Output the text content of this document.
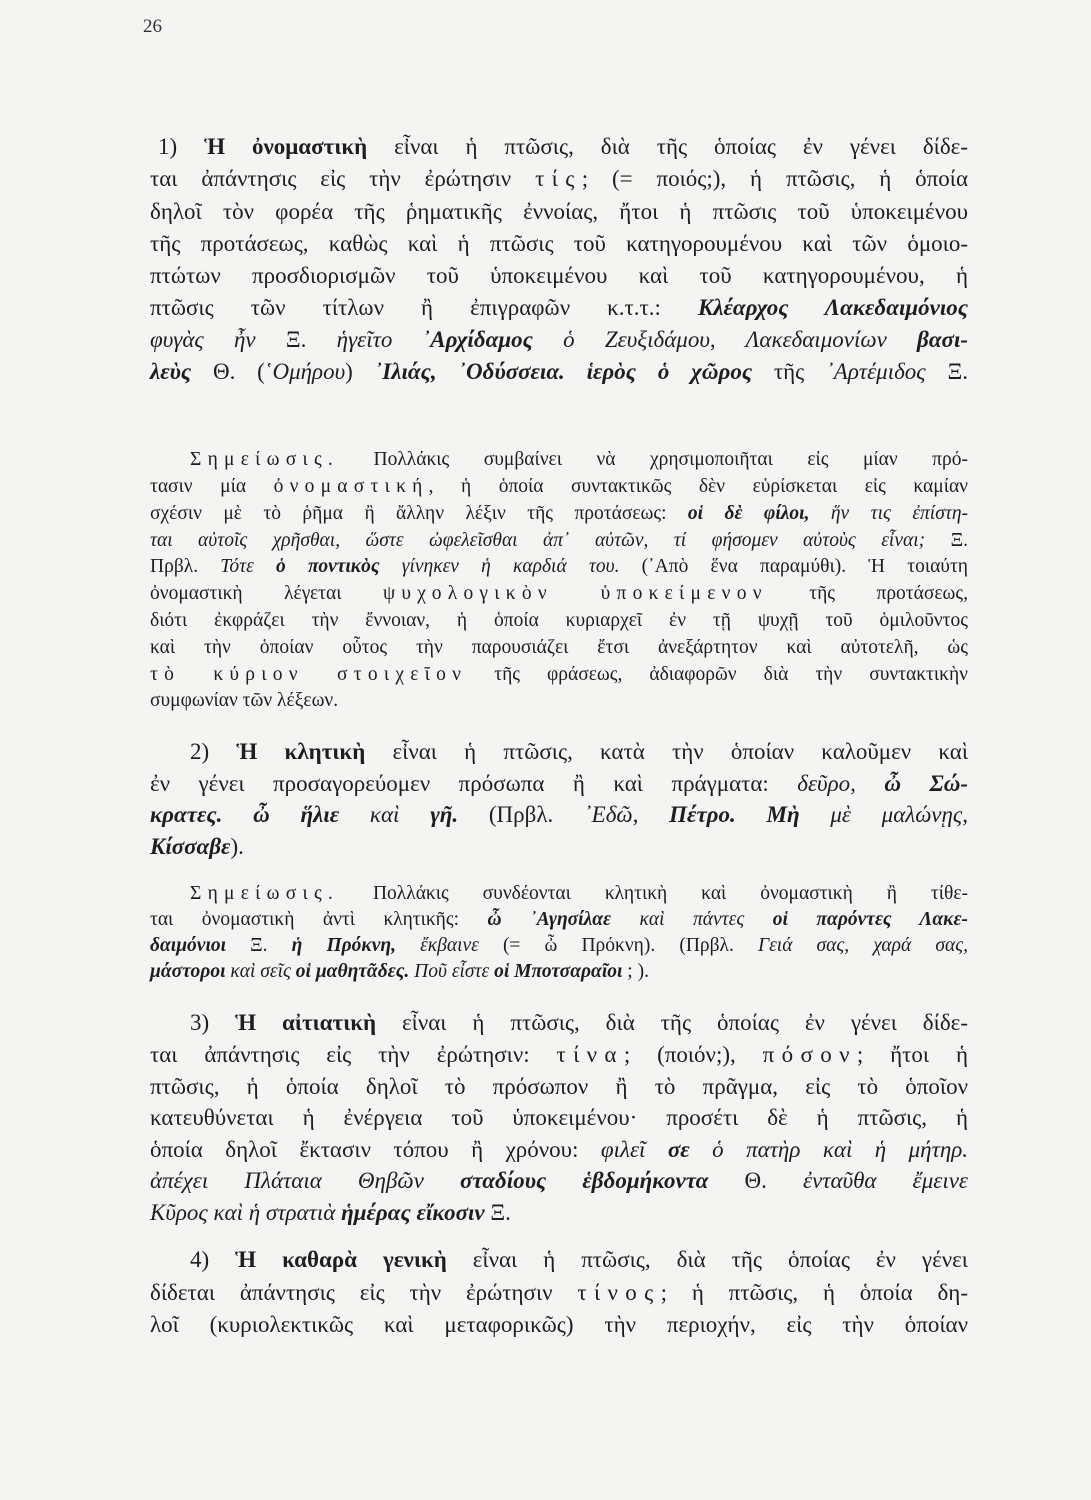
26
1) Ἡ ὀνομαστικὴ εἶναι ἡ πτῶσις, διὰ τῆς ὁποίας ἐν γένει δίδε-
ται ἀπάντησις εἰς τὴν ἐρώτησιν τίς; (= ποιός;), ἡ πτῶσις, ἡ ὁποία
δηλοῖ τὸν φορέα τῆς ῥηματικῆς ἐννοίας, ἤτοι ἡ πτῶσις τοῦ ὑποκειμένου
τῆς προτάσεως, καθὼς καὶ ἡ πτῶσις τοῦ κατηγορουμένου καὶ τῶν ὁμοιο-
πτώτων προσδιορισμῶν τοῦ ὑποκειμένου καὶ τοῦ κατηγορουμένου, ἡ
πτῶσις τῶν τίτλων ἢ ἐπιγραφῶν κ.τ.τ.: Κλέαρχος Λακεδαιμόνιος
φυγὰς ἦν Ξ. ἡγεῖτο ᾿Αρχίδαμος ὁ Ζευξιδάμου, Λακεδαιμονίων βασι-
λεὺς Θ. (῾Ομήρου) ᾿Ιλιάς, ᾿Οδύσσεια. ἱερὸς ὁ χῶρος τῆς ᾿Αρτέμιδος Ξ.
Σημείωσις. Πολλάκις συμβαίνει νὰ χρησιμοποιῆται εἰς μίαν πρό-
τασιν μία ὀνομαστική, ἡ ὁποία συντακτικῶς δὲν εὑρίσκεται εἰς καμίαν
σχέσιν μὲ τὸ ῥῆμα ἢ ἄλλην λέξιν τῆς προτάσεως: οἱ δὲ φίλοι, ἥν τις ἐπίστη-
ται αὐτοῖς χρῆσθαι, ὥστε ὠφελεῖσθαι ἀπ᾿ αὐτῶν, τί φήσομεν αὐτοὺς εἶναι; Ξ.
Πρβλ. Τότε ὁ ποντικὸς γίνηκεν ἡ καρδιά του. (᾿Απὸ ἕνα παραμύθι). Ἡ τοιαύτη
ὀνομαστικὴ λέγεται ψυχολογικὸν ὑποκείμενον τῆς προτάσεως,
διότι ἐκφράζει τὴν ἔννοιαν, ἡ ὁποία κυριαρχεῖ ἐν τῇ ψυχῇ τοῦ ὁμιλοῦντος
καὶ τὴν ὁποίαν οὗτος τὴν παρουσιάζει ἔτσι ἀνεξάρτητον καὶ αὐτοτελῆ, ὡς
τὸ κύριον στοιχεῖον τῆς φράσεως, ἀδιαφορῶν διὰ τὴν συντακτικὴν
συμφωνίαν τῶν λέξεων.
2) Ἡ κλητικὴ εἶναι ἡ πτῶσις, κατὰ τὴν ὁποίαν καλοῦμεν καὶ
ἐν γένει προσαγορεύομεν πρόσωπα ἢ καὶ πράγματα: δεῦρο, ὦ Σώ-
κρατες. ὦ ἥλιε καὶ γῆ. (Πρβλ. ᾿Εδῶ, Πέτρο. Μὴ μὲ μαλώνῃς,
Κίσσαβε).
Σημείωσις. Πολλάκις συνδέονται κλητικὴ καὶ ὀνομαστικὴ ἢ τίθε-
ται ὀνομαστικὴ ἀντὶ κλητικῆς: ὦ ᾿Αγησίλαε καὶ πάντες οἱ παρόντες Λακε-
δαιμόνιοι Ξ. ἡ Πρόκνη, ἔκβαινε (= ὦ Πρόκνη). (Πρβλ. Γειά σας, χαρά σας,
μάστοροι καὶ σεῖς οἱ μαθητᾶδες. Ποῦ εἶστε οἱ Μποτσαραῖοι ; ).
3) Ἡ αἰτιατικὴ εἶναι ἡ πτῶσις, διὰ τῆς ὁποίας ἐν γένει δίδε-
ται ἀπάντησις εἰς τὴν ἐρώτησιν: τίνα; (ποιόν;), πόσον; ἤτοι ἡ
πτῶσις, ἡ ὁποία δηλοῖ τὸ πρόσωπον ἢ τὸ πρᾶγμα, εἰς τὸ ὁποῖον
κατευθύνεται ἡ ἐνέργεια τοῦ ὑποκειμένου· προσέτι δὲ ἡ πτῶσις, ἡ
ὁποία δηλοῖ ἔκτασιν τόπου ἢ χρόνου: φιλεῖ σε ὁ πατὴρ καὶ ἡ μήτηρ.
ἀπέχει Πλάταια Θηβῶν σταδίους ἑβδομήκοντα Θ. ἐνταῦθα ἔμεινε
Κῦρος καὶ ἡ στρατιὰ ἡμέρας εἴκοσιν Ξ.
4) Ἡ καθαρὰ γενικὴ εἶναι ἡ πτῶσις, διὰ τῆς ὁποίας ἐν γένει
δίδεται ἀπάντησις εἰς τὴν ἐρώτησιν τίνος; ἡ πτῶσις, ἡ ὁποία δη-
λοῖ (κυριολεκτικῶς καὶ μεταφορικῶς) τὴν περιοχήν, εἰς τὴν ὁποίαν
